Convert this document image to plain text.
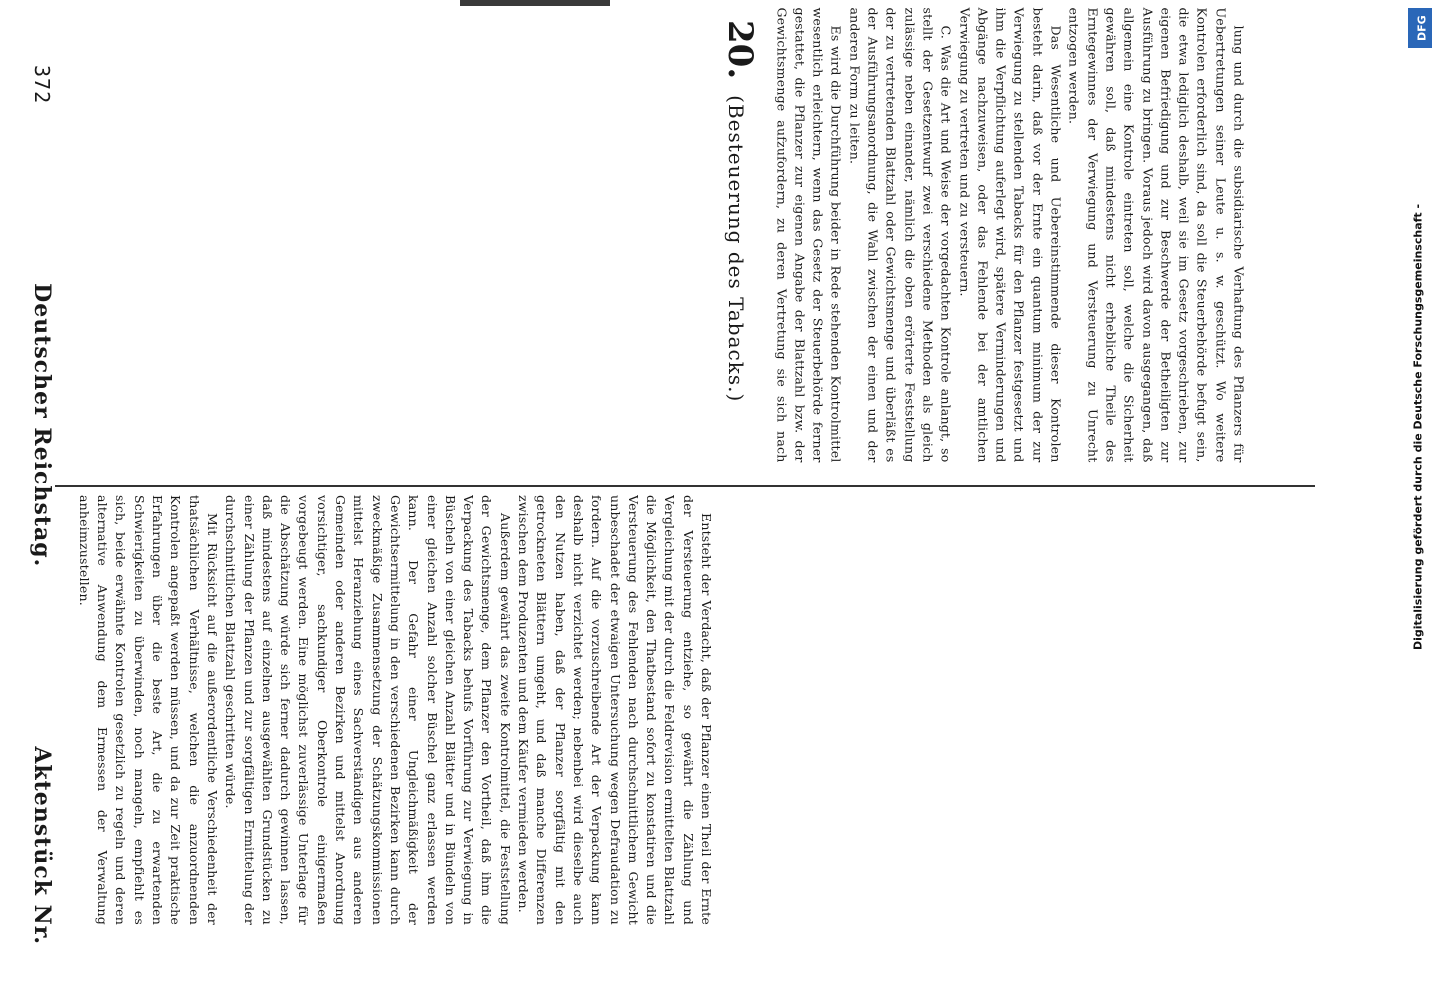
372
Deutscher Reichstag.
Aktenstück Nr.
20.
(Besteuerung des Tabacks.)

Entsteht der Verdacht, daß der Pflanzer einen Theil der Ernte der Versteuerung entziehe, so gewährt die Zählung und Vergleichung mit der durch die Feldrevision ermittelten Blattzahl die Möglichkeit, den Thatbestand sofort zu konstatiren und die Versteuerung des Fehlenden nach durchschnittlichem Gewicht unbeschadet der etwaigen Untersuchung wegen Defraudation zu fordern. Auf die vorzuschreibende Art der Verpackung kann deshalb nicht verzichtet werden; nebenbei wird dieselbe auch den Nutzen haben, daß der Pflanzer sorgfältig mit den getrockneten Blättern umgeht, und daß manche Differenzen zwischen dem Produzenten und dem Käufer vermieden werden.

Außerdem gewährt das zweite Kontrolmittel, die Feststellung der Gewichtsmenge, dem Pflanzer den Vortheil, daß ihm die Verpackung des Tabacks behufs Vorführung zur Verwiegung in Büscheln von einer gleichen Anzahl Blätter und in Bündeln von einer gleichen Anzahl solcher Büschel ganz erlassen werden kann. Der Gefahr einer Ungleichmäßigkeit der Gewichtsermittelung in den verschiedenen Bezirken kann durch zweckmäßige Zusammensetzung der Schätzungskommissionen mittelst Heranziehung eines Sachverständigen aus anderen Gemeinden oder anderen Bezirken und mittelst Anordnung vorsichtiger, sachkundiger Oberkontrole einigermaßen vorgebeugt werden. Eine möglichst zuverlässige Unterlage für die Abschätzung würde sich ferner dadurch gewinnen lassen, daß mindestens auf einzelnen ausgewählten Grundstücken zu einer Zählung der Pflanzen und zur sorgfältigen Ermittelung der durchschnittlichen Blattzahl geschritten würde.

Mit Rücksicht auf die außerordentliche Verschiedenheit der thatsächlichen Verhältnisse, welchen die anzuordnenden Kontrolen angepaßt werden müssen, und da zur Zeit praktische Erfahrungen über die beste Art, die zu erwartenden Schwierigkeiten zu überwinden, noch mangeln, empfiehlt es sich, beide erwähnte Kontrolen gesetzlich zu regeln und deren alternative Anwendung dem Ermessen der Verwaltung anheimzustellen.

lung und durch die subsidiarische Verhaftung des Pflanzers für Uebertretungen seiner Leute u. s. w. geschützt. Wo weitere Kontrolen erforderlich sind, da soll die Steuerbehörde befugt sein, die etwa lediglich deshalb, weil sie im Gesetz vorgeschrieben, zur eigenen Befriedigung und zur Beschwerde der Betheiligten zur Ausführung zu bringen. Voraus jedoch wird davon ausgegangen, daß allgemein eine Kontrole eintreten soll, welche die Sicherheit gewähren soll, daß mindestens nicht erhebliche Theile des Erntegewinnes der Verwiegung und Versteuerung zu Unrecht entzogen werden.

Das Wesentliche und Uebereinstimmende dieser Kontrolen besteht darin, daß vor der Ernte ein quantum minimum der zur Verwiegung zu stellenden Tabacks für den Pflanzer festgesetzt und ihm die Verpflichtung auferlegt wird, spätere Verminderungen und Abgänge nachzuweisen, oder das Fehlende bei der amtlichen Verwiegung zu vertreten und zu versteuern.

C. Was die Art und Weise der vorgedachten Kontrole anlangt, so stellt der Gesetzentwurf zwei verschiedene Methoden als gleich zulässige neben einander, nämlich die oben erörterte Feststellung der zu vertretenden Blattzahl oder Gewichtsmenge und überläßt es der Ausführungsanordnung, die Wahl zwischen der einen und der anderen Form zu leiten.

Es wird die Durchführung beider in Rede stehenden Kontrolmittel wesentlich erleichtern, wenn das Gesetz der Steuerbehörde ferner gestattet, die Pflanzer zur eigenen Angabe der Blattzahl bzw. der Gewichtsmenge aufzufordern, zu deren Vertretung sie sich nach

DFG
Digitalisierung gefördert durch die Deutsche Forschungsgemeinschaft -
